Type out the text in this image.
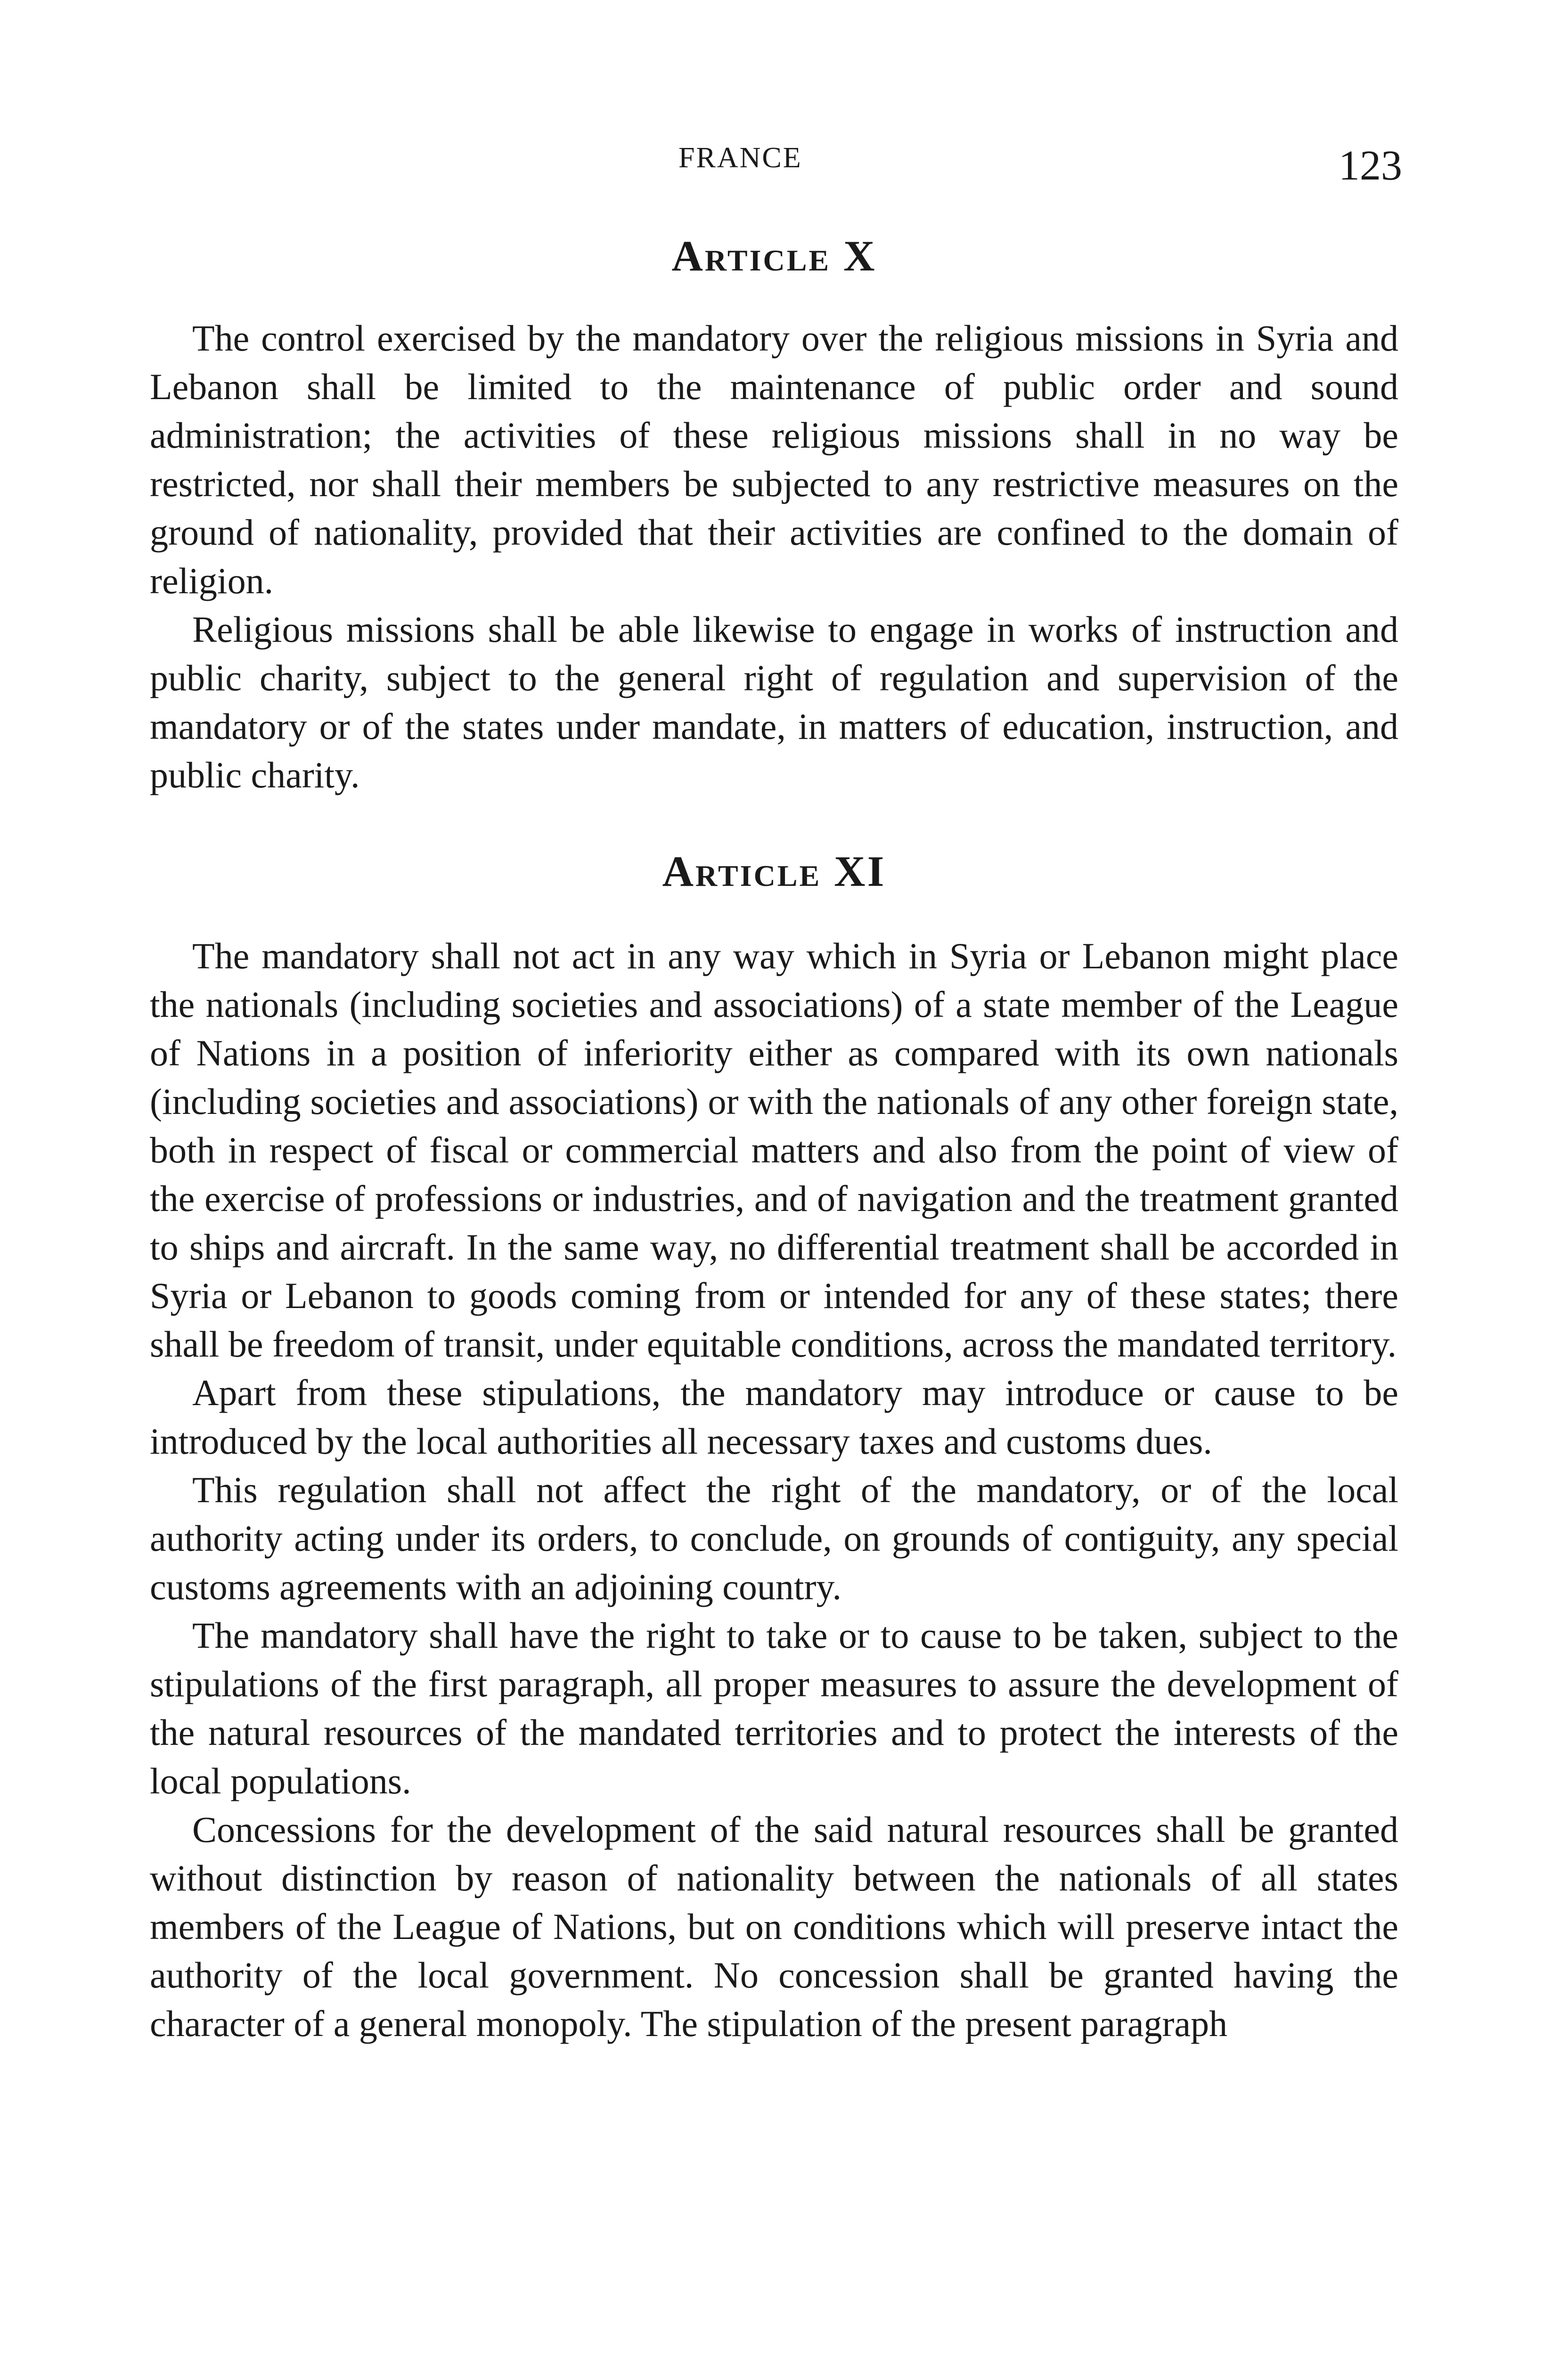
FRANCE	123
Article X

The control exercised by the mandatory over the religious missions in Syria and Lebanon shall be limited to the maintenance of public order and sound administration; the activities of these religious missions shall in no way be restricted, nor shall their members be subjected to any restrictive measures on the ground of nationality, provided that their activities are confined to the domain of religion.

Religious missions shall be able likewise to engage in works of instruction and public charity, subject to the general right of regulation and supervision of the mandatory or of the states under mandate, in matters of education, instruction, and public charity.

Article XI

The mandatory shall not act in any way which in Syria or Lebanon might place the nationals (including societies and associations) of a state member of the League of Nations in a position of inferiority either as compared with its own nationals (including societies and associations) or with the nationals of any other foreign state, both in respect of fiscal or commercial matters and also from the point of view of the exercise of professions or industries, and of navigation and the treatment granted to ships and aircraft. In the same way, no differential treatment shall be accorded in Syria or Lebanon to goods coming from or intended for any of these states; there shall be freedom of transit, under equitable conditions, across the mandated territory.

Apart from these stipulations, the mandatory may introduce or cause to be introduced by the local authorities all necessary taxes and customs dues.

This regulation shall not affect the right of the mandatory, or of the local authority acting under its orders, to conclude, on grounds of contiguity, any special customs agreements with an adjoining country.

The mandatory shall have the right to take or to cause to be taken, subject to the stipulations of the first paragraph, all proper measures to assure the development of the natural resources of the mandated territories and to protect the interests of the local populations.

Concessions for the development of the said natural resources shall be granted without distinction by reason of nationality between the nationals of all states members of the League of Nations, but on conditions which will preserve intact the authority of the local government. No concession shall be granted having the character of a general monopoly. The stipulation of the present paragraph
